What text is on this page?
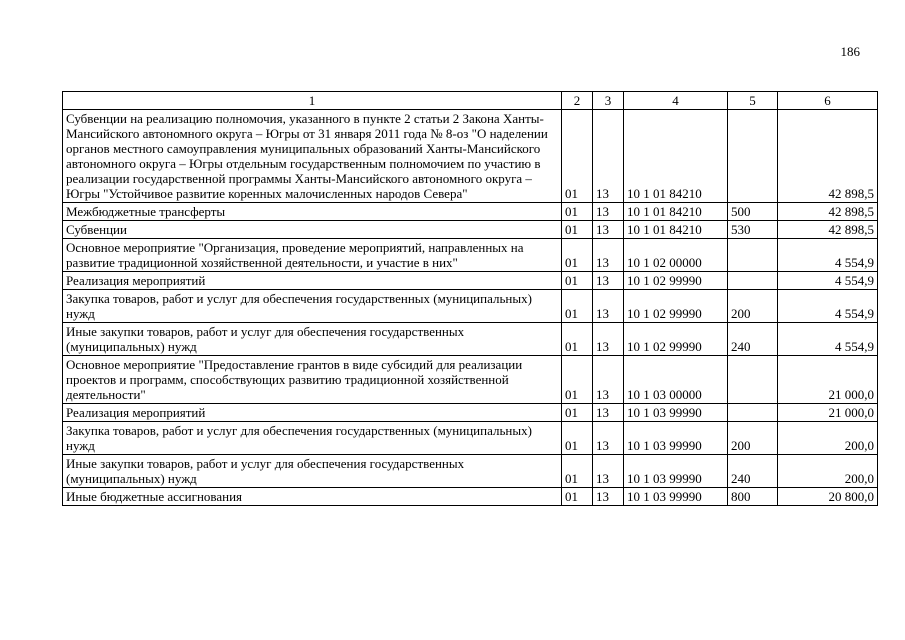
186
1	2	3	4	5	6
Субвенции на реализацию полномочия, указанного в пункте 2 статьи 2 Закона Ханты-Мансийского автономного округа – Югры от 31 января 2011 года № 8-оз "О наделении органов местного самоуправления муниципальных образований Ханты-Мансийского автономного округа – Югры отдельным государственным полномочием по участию в реализации государственной программы Ханты-Мансийского автономного округа – Югры "Устойчивое развитие коренных малочисленных народов Севера"	01	13	10 1 01 84210		42 898,5
Межбюджетные трансферты	01	13	10 1 01 84210	500	42 898,5
Субвенции	01	13	10 1 01 84210	530	42 898,5
Основное мероприятие "Организация, проведение мероприятий, направленных на развитие традиционной хозяйственной деятельности, и участие в них"	01	13	10 1 02 00000		4 554,9
Реализация мероприятий	01	13	10 1 02 99990		4 554,9
Закупка товаров, работ и услуг для обеспечения государственных (муниципальных) нужд	01	13	10 1 02 99990	200	4 554,9
Иные закупки товаров, работ и услуг для обеспечения государственных (муниципальных) нужд	01	13	10 1 02 99990	240	4 554,9
Основное мероприятие "Предоставление грантов в виде субсидий для реализации проектов и программ, способствующих развитию традиционной хозяйственной деятельности"	01	13	10 1 03 00000		21 000,0
Реализация мероприятий	01	13	10 1 03 99990		21 000,0
Закупка товаров, работ и услуг для обеспечения государственных (муниципальных) нужд	01	13	10 1 03 99990	200	200,0
Иные закупки товаров, работ и услуг для обеспечения государственных (муниципальных) нужд	01	13	10 1 03 99990	240	200,0
Иные бюджетные ассигнования	01	13	10 1 03 99990	800	20 800,0
